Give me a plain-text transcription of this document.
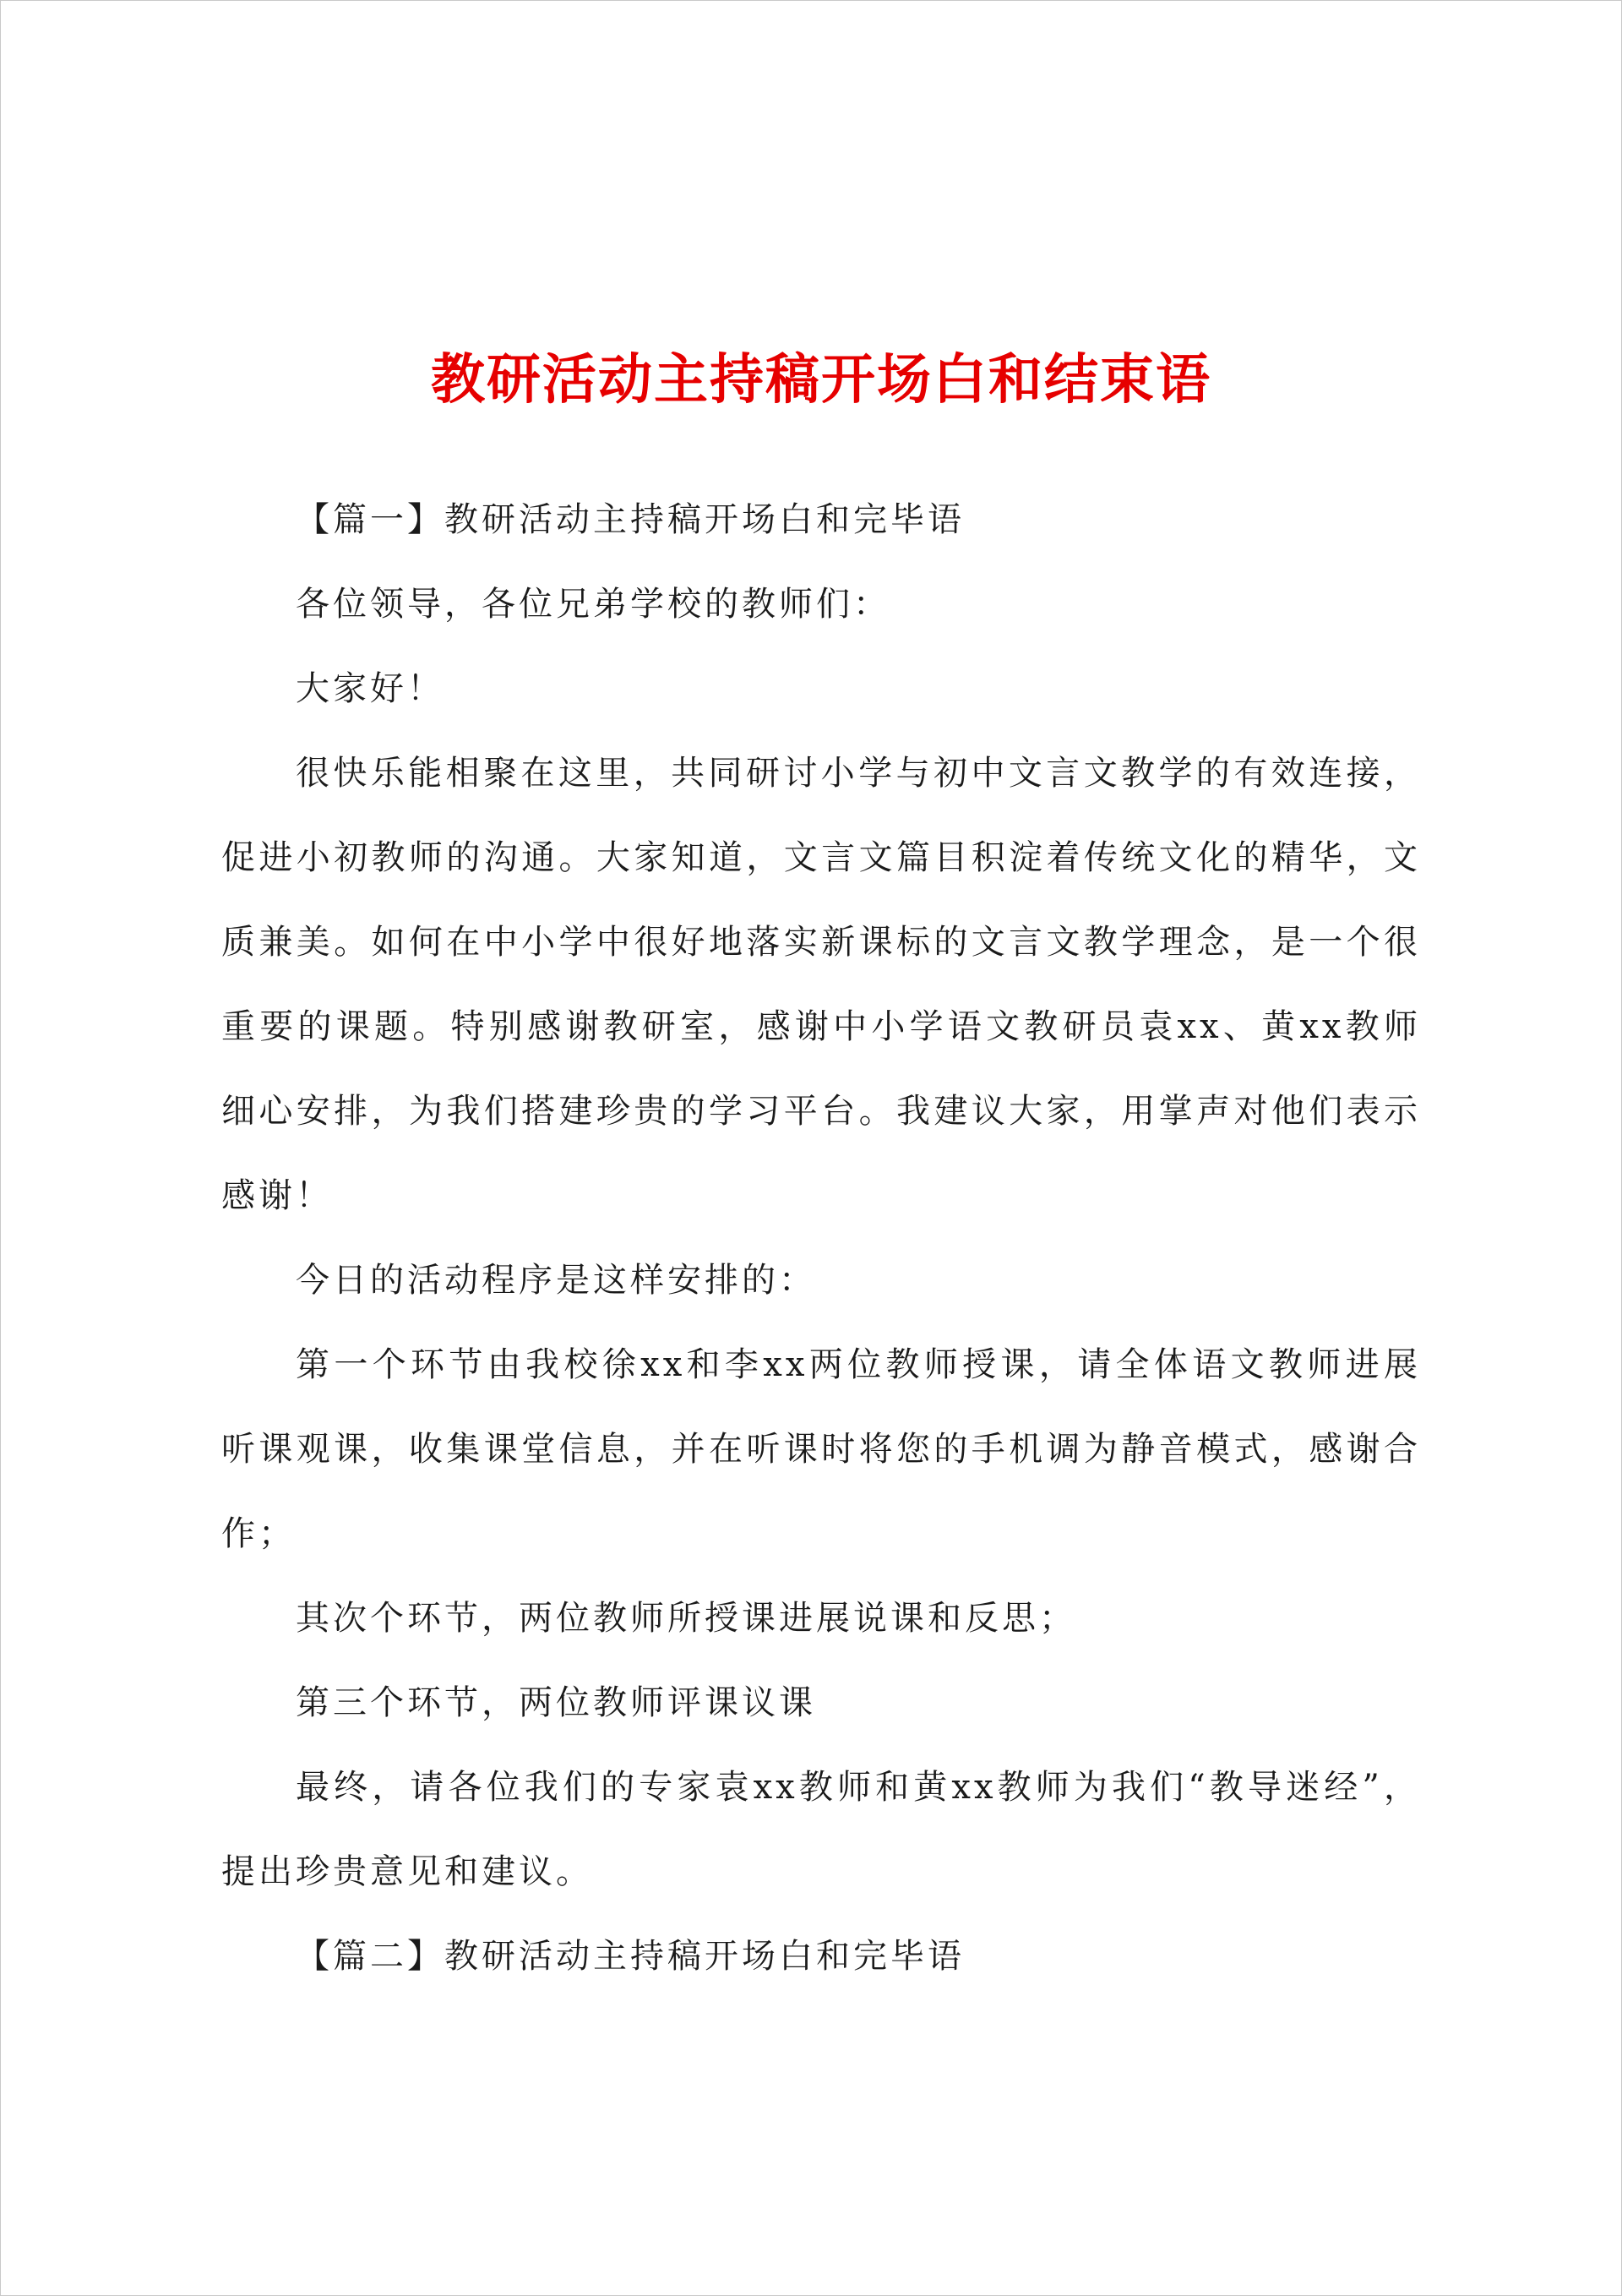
教研活动主持稿开场白和结束语

【篇一】教研活动主持稿开场白和完毕语

各位领导，各位兄弟学校的教师们：

大家好！

很快乐能相聚在这里，共同研讨小学与初中文言文教学的有效连接，促进小初教师的沟通。大家知道，文言文篇目积淀着传统文化的精华，文质兼美。如何在中小学中很好地落实新课标的文言文教学理念，是一个很重要的课题。特别感谢教研室，感谢中小学语文教研员袁xx、黄xx教师细心安排，为我们搭建珍贵的学习平台。我建议大家，用掌声对他们表示感谢！

今日的活动程序是这样安排的：

第一个环节由我校徐xx和李xx两位教师授课，请全体语文教师进展听课观课，收集课堂信息，并在听课时将您的手机调为静音模式，感谢合作；

其次个环节，两位教师所授课进展说课和反思；

第三个环节，两位教师评课议课

最终，请各位我们的专家袁xx教师和黄xx教师为我们“教导迷经”，提出珍贵意见和建议。

【篇二】教研活动主持稿开场白和完毕语
